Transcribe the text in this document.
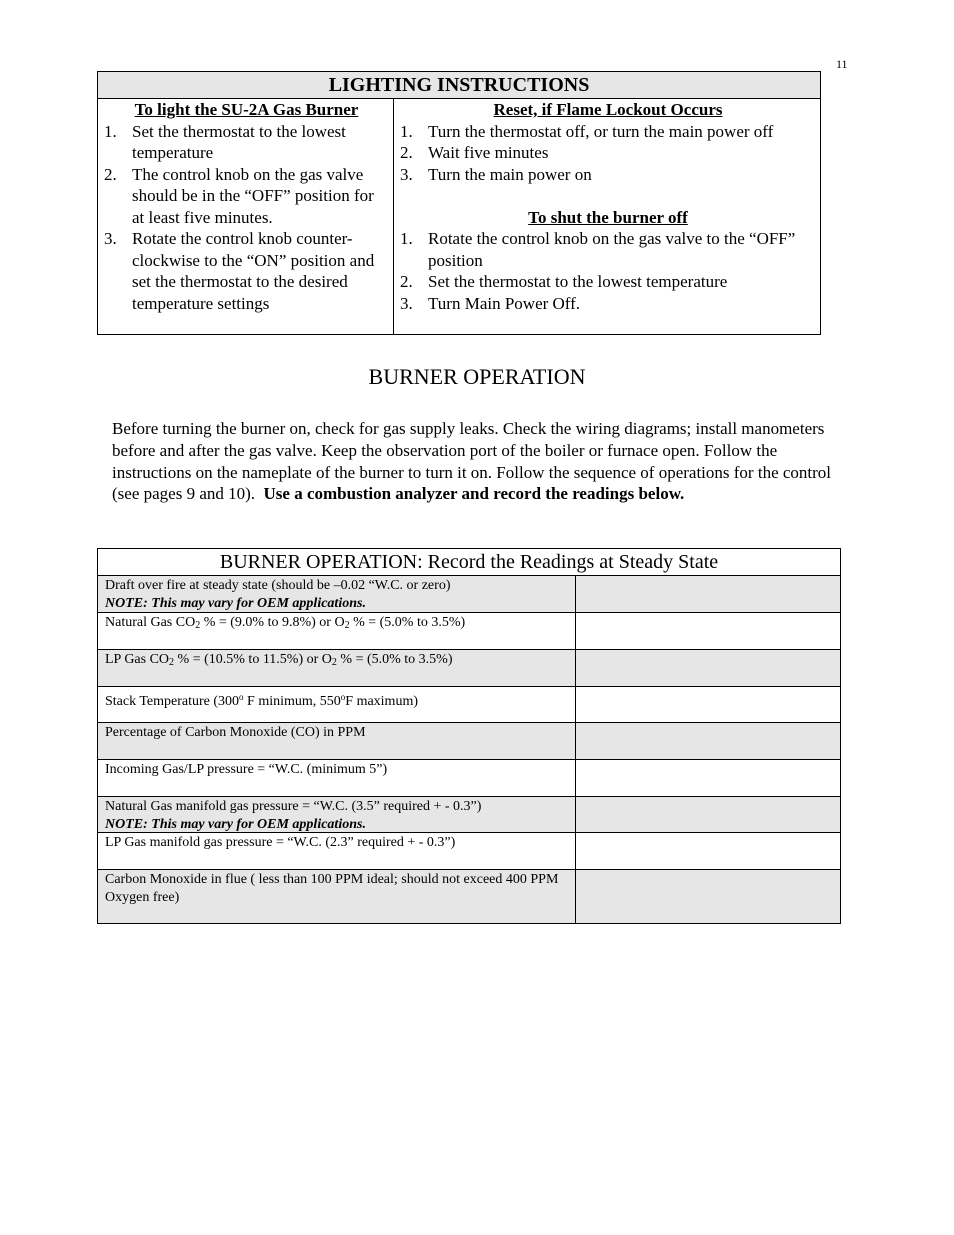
11
LIGHTING INSTRUCTIONS
To light the SU-2A Gas Burner
1. Set the thermostat to the lowest temperature
2. The control knob on the gas valve should be in the “OFF” position for at least five minutes.
3. Rotate the control knob counter-clockwise to the “ON” position and set the thermostat to the desired temperature settings
Reset, if Flame Lockout Occurs
1. Turn the thermostat off, or turn the main power off
2. Wait five minutes
3. Turn the main power on
To shut the burner off
1. Rotate the control knob on the gas valve to the “OFF” position
2. Set the thermostat to the lowest temperature
3. Turn Main Power Off.
BURNER OPERATION
Before turning the burner on, check for gas supply leaks. Check the wiring diagrams; install manometers before and after the gas valve. Keep the observation port of the boiler or furnace open. Follow the instructions on the nameplate of the burner to turn it on. Follow the sequence of operations for the control (see pages 9 and 10). Use a combustion analyzer and record the readings below.
BURNER OPERATION: Record the Readings at Steady State
Draft over fire at steady state (should be –0.02 “W.C. or zero)
NOTE: This may vary for OEM applications.
Natural Gas $CO_2$ % = (9.0% to 9.8%) or $O_2$ % = (5.0% to 3.5%)
LP Gas $CO_2$ % = (10.5% to 11.5%) or $O_2$ % = (5.0% to 3.5%)
Stack Temperature (300$^o$ F minimum, 550$^o$F maximum)
Percentage of Carbon Monoxide (CO) in PPM
Incoming Gas/LP pressure = “W.C. (minimum 5”)
Natural Gas manifold gas pressure = “W.C. (3.5” required + - 0.3”)
NOTE: This may vary for OEM applications.
LP Gas manifold gas pressure = “W.C. (2.3” required + - 0.3”)
Carbon Monoxide in flue ( less than 100 PPM ideal; should not exceed 400 PPM Oxygen free)
